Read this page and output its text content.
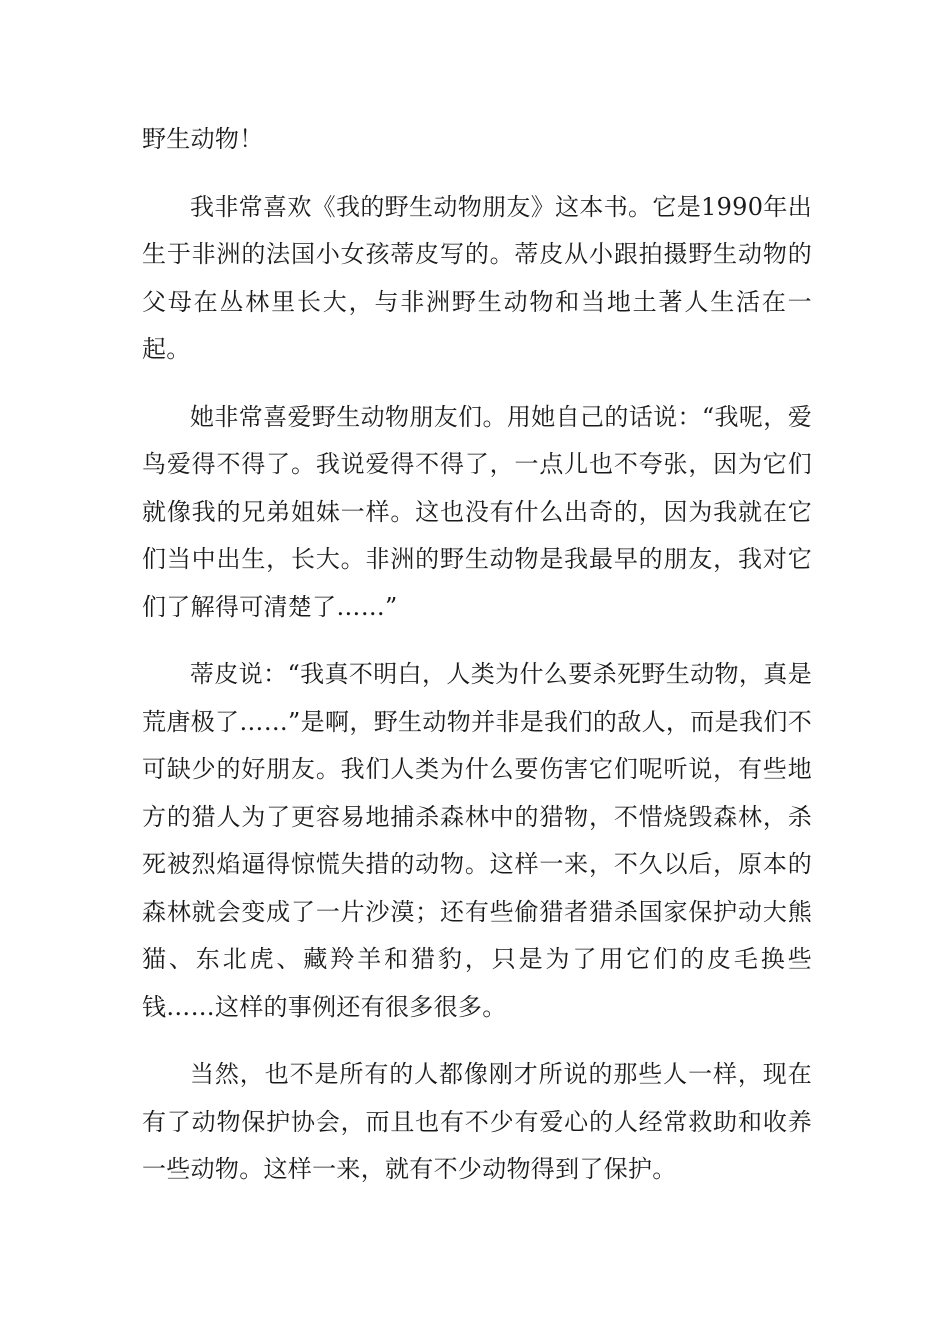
野生动物！

我非常喜欢《我的野生动物朋友》这本书。它是1990年出生于非洲的法国小女孩蒂皮写的。蒂皮从小跟拍摄野生动物的父母在丛林里长大，与非洲野生动物和当地土著人生活在一起。

她非常喜爱野生动物朋友们。用她自己的话说：“我呢，爱鸟爱得不得了。我说爱得不得了，一点儿也不夸张，因为它们就像我的兄弟姐妹一样。这也没有什么出奇的，因为我就在它们当中出生，长大。非洲的野生动物是我最早的朋友，我对它们了解得可清楚了……”

蒂皮说：“我真不明白，人类为什么要杀死野生动物，真是荒唐极了……”是啊，野生动物并非是我们的敌人，而是我们不可缺少的好朋友。我们人类为什么要伤害它们呢听说，有些地方的猎人为了更容易地捕杀森林中的猎物，不惜烧毁森林，杀死被烈焰逼得惊慌失措的动物。这样一来，不久以后，原本的森林就会变成了一片沙漠；还有些偷猎者猎杀国家保护动大熊猫、东北虎、藏羚羊和猎豹，只是为了用它们的皮毛换些钱……这样的事例还有很多很多。

当然，也不是所有的人都像刚才所说的那些人一样，现在有了动物保护协会，而且也有不少有爱心的人经常救助和收养一些动物。这样一来，就有不少动物得到了保护。
